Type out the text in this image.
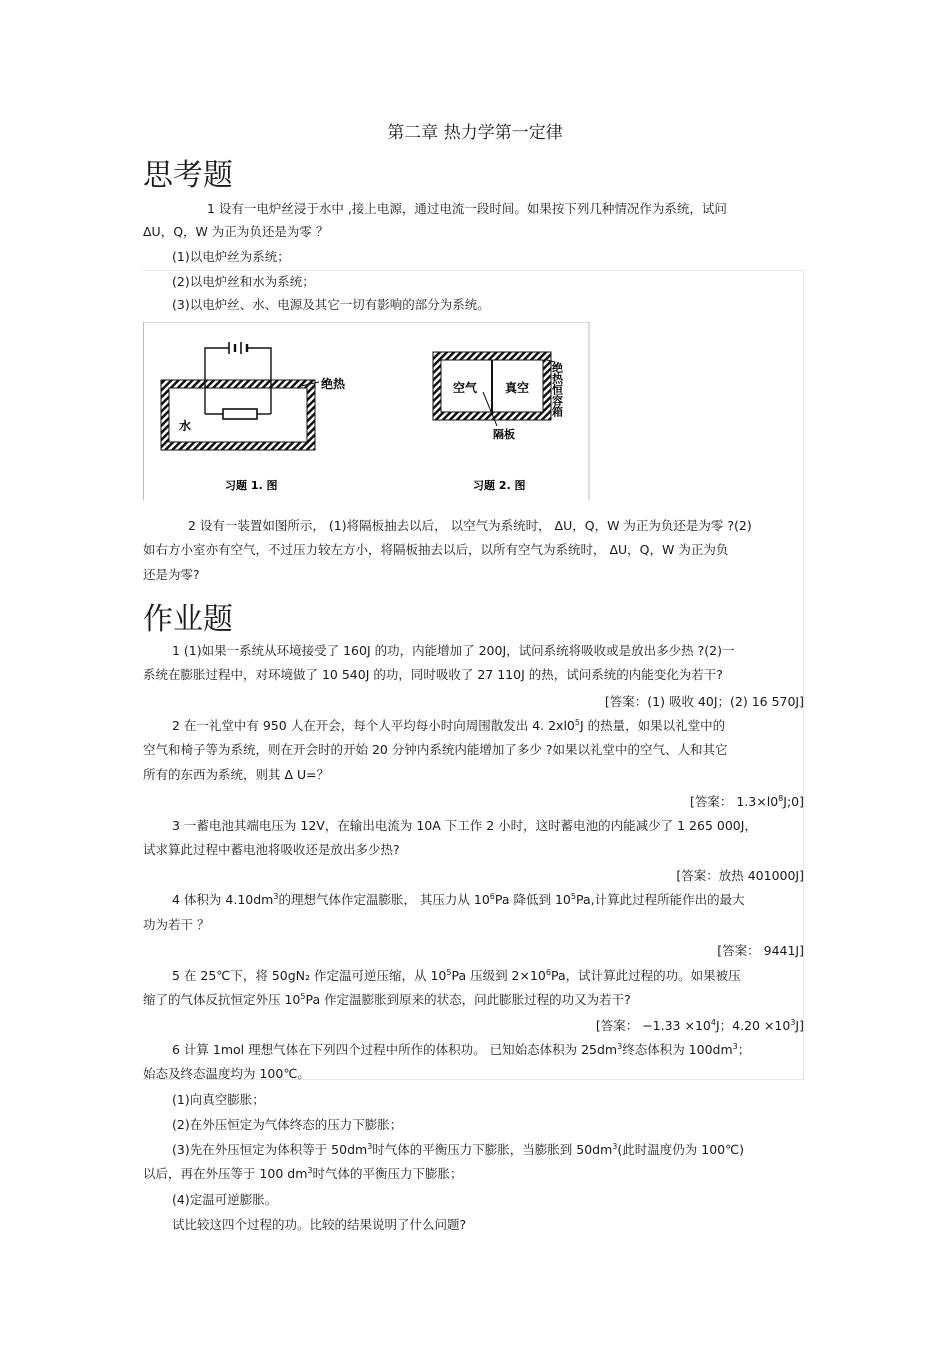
第二章 热力学第一定律
思考题
1 设有一电炉丝浸于水中 ,接上电源，通过电流一段时间。如果按下列几种情况作为系统，试问
ΔU，Q，W 为正为负还是为零 ？
(1)以电炉丝为系统；
(2)以电炉丝和水为系统；
(3)以电炉丝、水、电源及其它一切有影响的部分为系统。
绝热
水
习题 1. 图
空气 真空
隔板
绝热恒容箱
习题 2. 图
2 设有一装置如图所示， (1)将隔板抽去以后， 以空气为系统时， ΔU，Q，W 为正为负还是为零 ?(2)
如右方小室亦有空气，不过压力较左方小，将隔板抽去以后，以所有空气为系统时， ΔU，Q，W 为正为负
还是为零?
作业题
1 (1)如果一系统从环境接受了 160J 的功，内能增加了 200J，试问系统将吸收或是放出多少热 ?(2)一
系统在膨胀过程中，对环境做了 10 540J 的功，同时吸收了 27 110J 的热，试问系统的内能变化为若干?
[答案：(1) 吸收 40J；(2) 16 570J]
2 在一礼堂中有 950 人在开会，每个人平均每小时向周围散发出 4. $2xl0^5J$ 的热量，如果以礼堂中的
空气和椅子等为系统，则在开会时的开始 20 分钟内系统内能增加了多少 ?如果以礼堂中的空气、人和其它
所有的东西为系统，则其 Δ U=？
[答案： $1.3\times l0^8J;0$]
3 一蓄电池其端电压为 12V，在输出电流为 10A 下工作 2 小时，这时蓄电池的内能减少了 1 265 000J，
试求算此过程中蓄电池将吸收还是放出多少热?
[答案：放热 401000J]
4 体积为 $4.10dm^3$的理想气体作定温膨胀， 其压力从 $10^6Pa$ 降低到 $10^5Pa$,计算此过程所能作出的最大
功为若干 ？
[答案： 9441J]
5 在 25℃下，将 50gN₂ 作定温可逆压缩，从 $10^5Pa$ 压级到 $2\times 10^6Pa$，试计算此过程的功。如果被压
缩了的气体反抗恒定外压 $10^5Pa$ 作定温膨胀到原来的状态，问此膨胀过程的功又为若干?
[答案： $-1.33 \times 10^4J$；$4.20 \times 10^3J$]
6 计算 1mol 理想气体在下列四个过程中所作的体积功。 已知始态体积为 $25dm^3$终态体积为 $100dm^3$；
始态及终态温度均为 100℃。
(1)向真空膨胀；
(2)在外压恒定为气体终态的压力下膨胀；
(3)先在外压恒定为体积等于 $50dm^3$时气体的平衡压力下膨胀，当膨胀到 $50dm^3$(此时温度仍为 100℃)
以后，再在外压等于 100 $dm^3$时气体的平衡压力下膨胀；
(4)定温可逆膨胀。
试比较这四个过程的功。比较的结果说明了什么问题?
